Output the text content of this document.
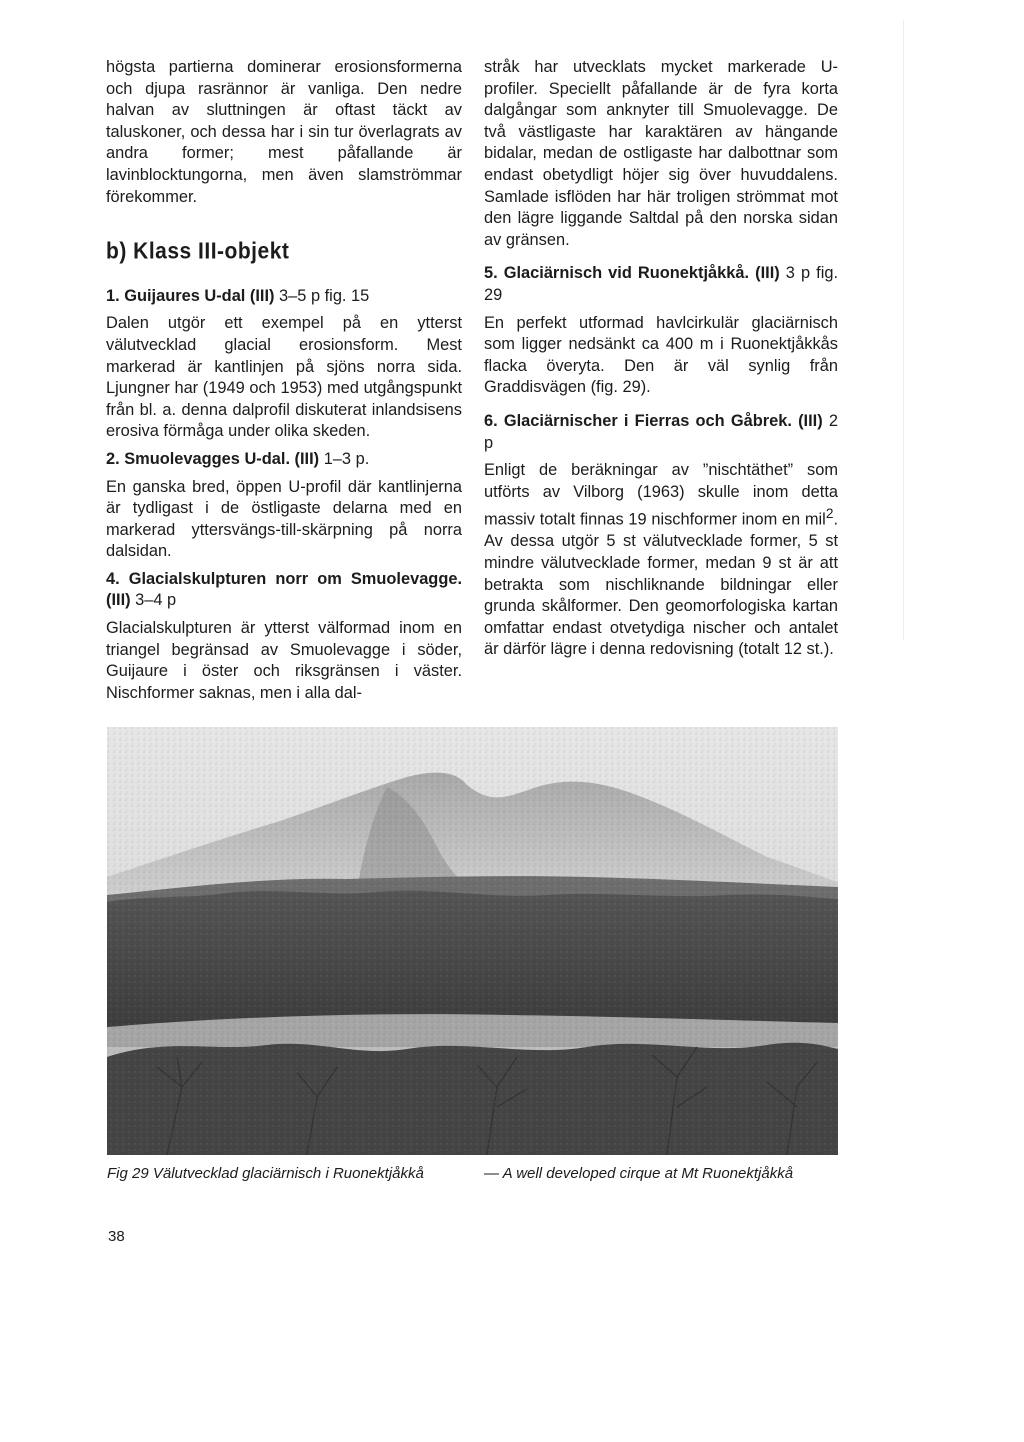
högsta partierna dominerar erosionsformerna och djupa rasrännor är vanliga. Den nedre halvan av sluttningen är oftast täckt av taluskoner, och dessa har i sin tur överlagrats av andra former; mest påfallande är lavinblocktungorna, men även slamströmmar förekommer.

b) Klass III-objekt

1. Guijaures U-dal (III) 3–5 p fig. 15

Dalen utgör ett exempel på en ytterst välutvecklad glacial erosionsform. Mest markerad är kantlinjen på sjöns norra sida. Ljungner har (1949 och 1953) med utgångspunkt från bl. a. denna dalprofil diskuterat inlandsisens erosiva förmåga under olika skeden.

2. Smuolevagges U-dal. (III) 1–3 p.

En ganska bred, öppen U-profil där kantlinjerna är tydligast i de östligaste delarna med en markerad yttersvängs-till-skärpning på norra dalsidan.

4. Glacialskulpturen norr om Smuolevagge. (III) 3–4 p

Glacialskulpturen är ytterst välformad inom en triangel begränsad av Smuolevagge i söder, Guijaure i öster och riksgränsen i väster. Nischformer saknas, men i alla dal-

stråk har utvecklats mycket markerade U-profiler. Speciellt påfallande är de fyra korta dalgångar som anknyter till Smuolevagge. De två västligaste har karaktären av hängande bidalar, medan de ostligaste har dalbottnar som endast obetydligt höjer sig över huvuddalens. Samlade isflöden har här troligen strömmat mot den lägre liggande Saltdal på den norska sidan av gränsen.

5. Glaciärnisch vid Ruonektjåkkå. (III) 3 p fig. 29

En perfekt utformad havlcirkulär glaciärnisch som ligger nedsänkt ca 400 m i Ruonektjåkkås flacka överyta. Den är väl synlig från Graddisvägen (fig. 29).

6. Glaciärnischer i Fierras och Gåbrek. (III) 2 p

Enligt de beräkningar av ”nischtäthet” som utförts av Vilborg (1963) skulle inom detta massiv totalt finnas 19 nischformer inom en mil$^2$. Av dessa utgör 5 st välutvecklade former, 5 st mindre välutvecklade former, medan 9 st är att betrakta som nischliknande bildningar eller grunda skålformer. Den geomorfologiska kartan omfattar endast otvetydiga nischer och antalet är därför lägre i denna redovisning (totalt 12 st.).

Fig 29 Välutvecklad glaciärnisch i Ruonektjåkkå	— A well developed cirque at Mt Ruonektjåkkå
38
